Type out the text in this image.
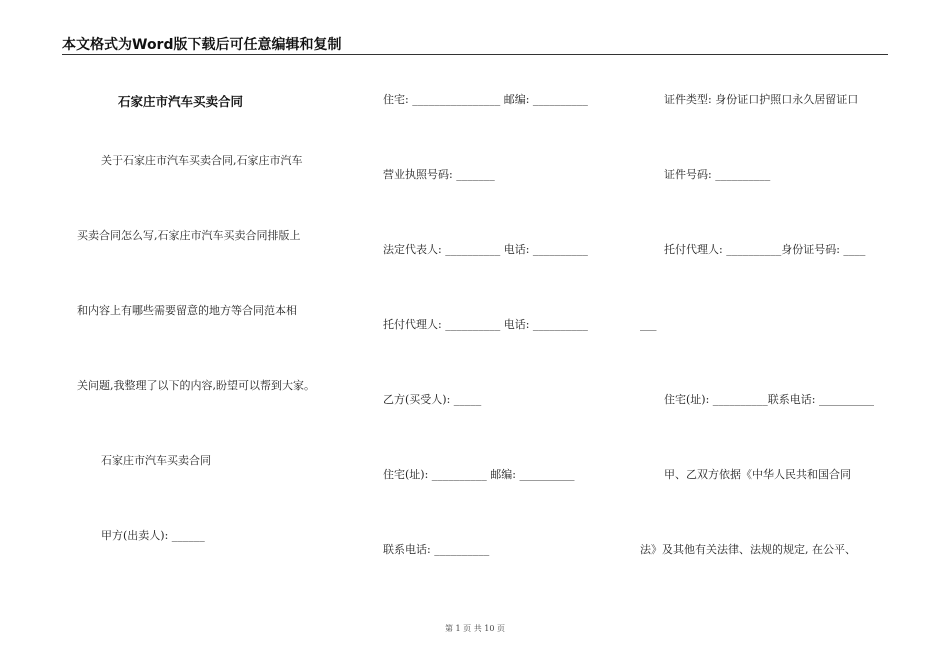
本文格式为Word版下载后可任意编辑和复制
石家庄市汽车买卖合同
关于石家庄市汽车买卖合同,石家庄市汽车
买卖合同怎么写,石家庄市汽车买卖合同排版上
和内容上有哪些需要留意的地方等合同范本相
关问题,我整理了以下的内容,盼望可以帮到大家。
石家庄市汽车买卖合同
甲方(出卖人): ______
住宅: ________________ 邮编: __________
营业执照号码: _______
法定代表人: __________ 电话: __________
托付代理人: __________ 电话: __________
乙方(买受人): _____
住宅(址): __________ 邮编: __________
联系电话: __________
证件类型: 身份证口护照口永久居留证口
证件号码: __________
托付代理人: __________身份证号码: ____
___
住宅(址): __________联系电话: __________
甲、乙双方依据《中华人民共和国合同
法》及其他有关法律、法规的规定, 在公平、
第 1 页 共 10 页
